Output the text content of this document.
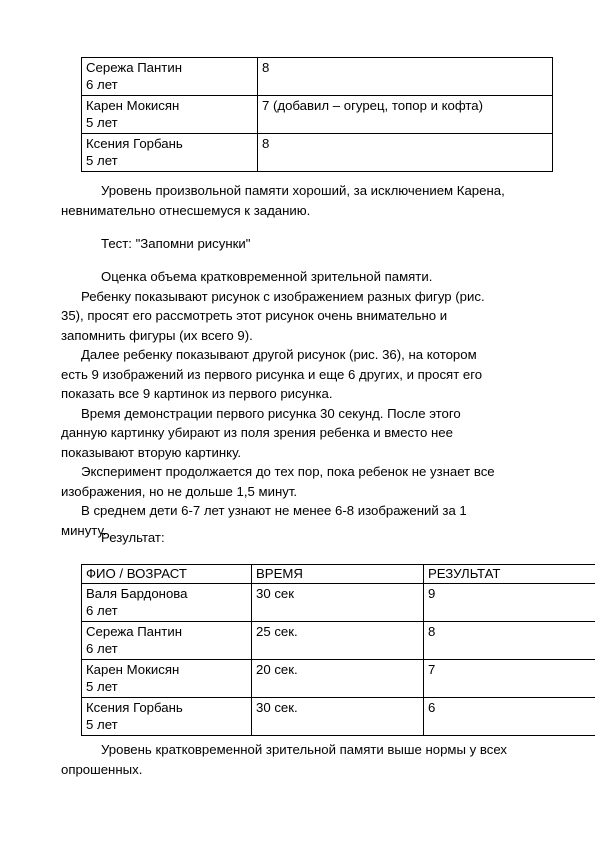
Сережа Пантин
6 лет	8

Карен Мокисян
5 лет	7 (добавил – огурец, топор и кофта)

Ксения Горбань
5 лет	8

Уровень произвольной памяти хороший, за исключением Карена,
невнимательно отнесшемуся к заданию.

Тест: "Запомни рисунки"

Оценка объема кратковременной зрительной памяти.
Ребенку показывают рисунок с изображением разных фигур (рис.
35), просят его рассмотреть этот рисунок очень внимательно и
запомнить фигуры (их всего 9).
Далее ребенку показывают другой рисунок (рис. 36), на котором
есть 9 изображений из первого рисунка и еще 6 других, и просят его
показать все 9 картинок из первого рисунка.
Время демонстрации первого рисунка 30 секунд. После этого
данную картинку убирают из поля зрения ребенка и вместо нее
показывают вторую картинку.
Эксперимент продолжается до тех пор, пока ребенок не узнает все
изображения, но не дольше 1,5 минут.
В среднем дети 6-7 лет узнают не менее 6-8 изображений за 1
минуту.

Результат:

ФИО / ВОЗРАСТ	ВРЕМЯ	РЕЗУЛЬТАТ

Валя Бардонова
6 лет	30 сек	9

Сережа Пантин
6 лет	25 сек.	8

Карен Мокисян
5 лет	20 сек.	7

Ксения Горбань
5 лет	30 сек.	6

Уровень кратковременной зрительной памяти выше нормы у всех
опрошенных.
